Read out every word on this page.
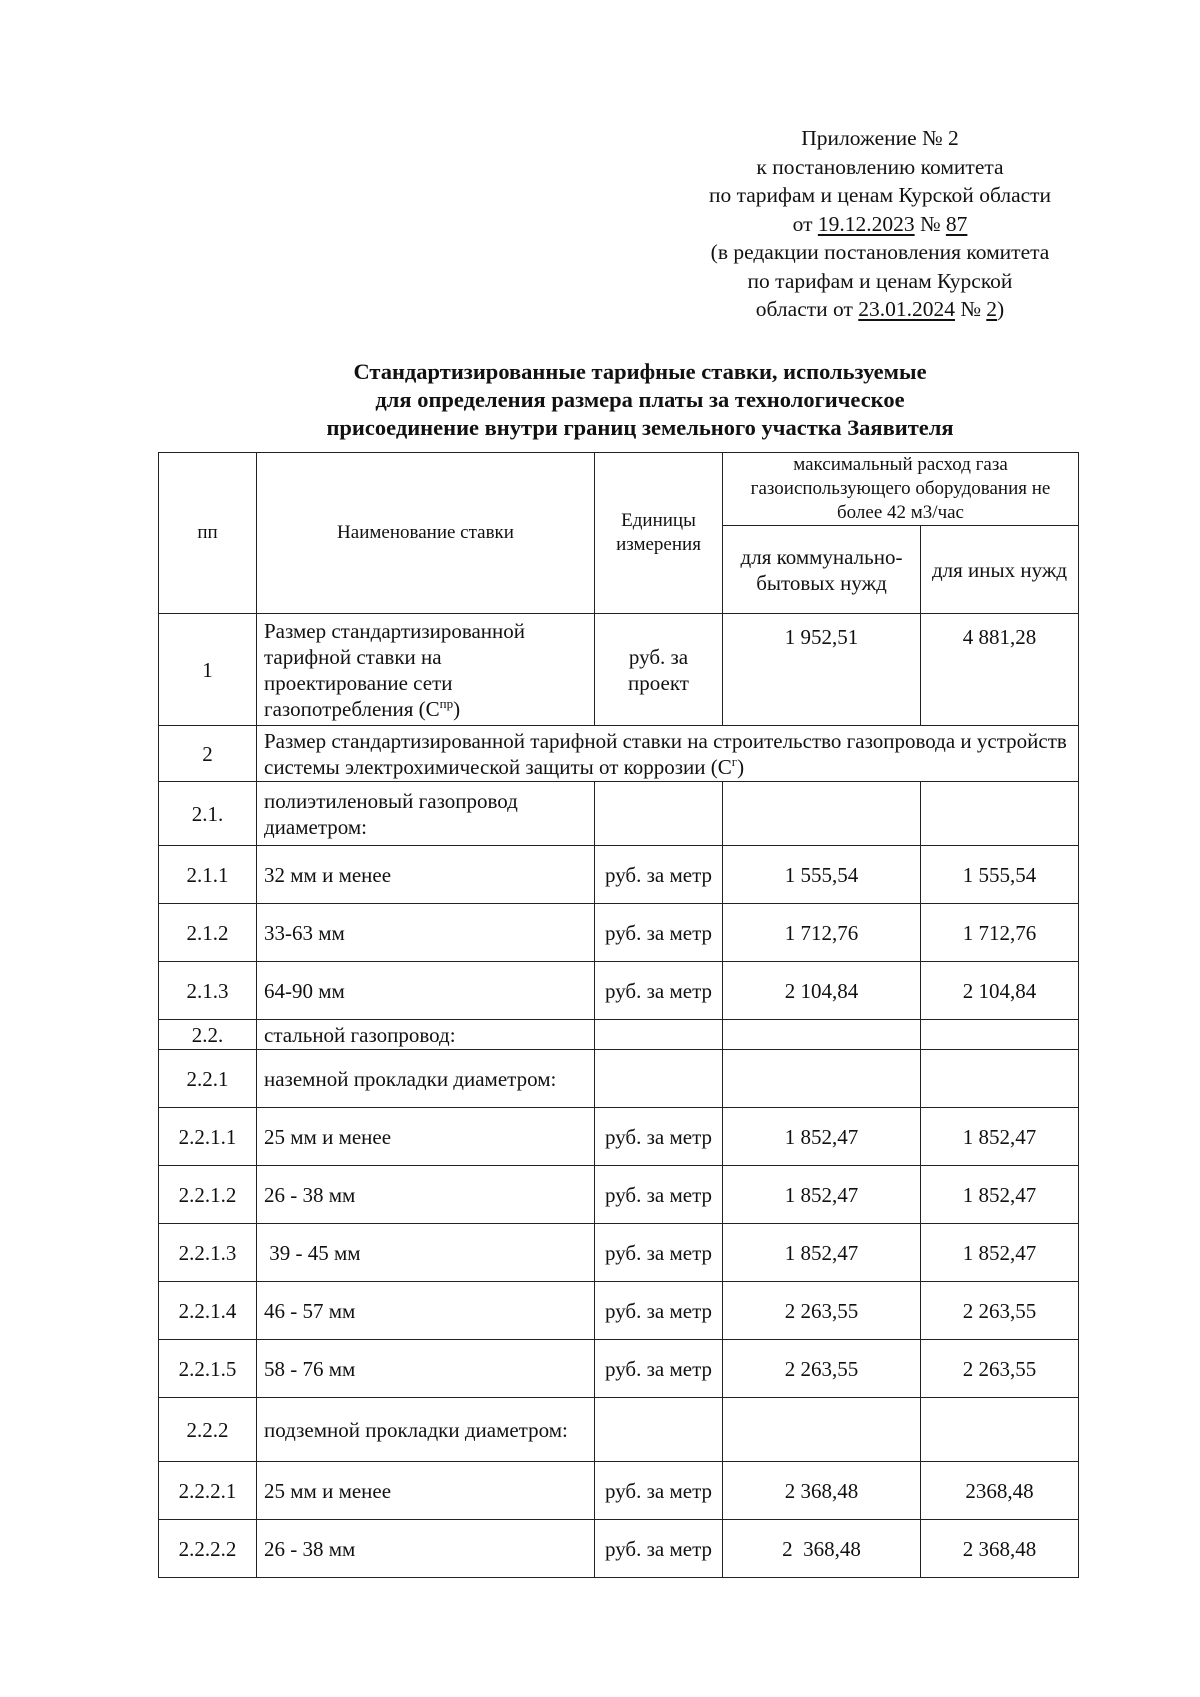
Приложение № 2
к постановлению комитета
по тарифам и ценам Курской области
от 19.12.2023 № 87
(в редакции постановления комитета
по тарифам и ценам Курской
области от 23.01.2024 № 2)
Стандартизированные тарифные ставки, используемые
для определения размера платы за технологическое
присоединение внутри границ земельного участка Заявителя
пп	Наименование ставки	Единицы измерения	максимальный расход газа газоиспользующего оборудования не более 42 м3/час	
			для коммунально-бытовых нужд	для иных нужд
1	Размер стандартизированной тарифной ставки на проектирование сети газопотребления $(С^{пр})$	руб. за проект	1 952,51	4 881,28
2	Размер стандартизированной тарифной ставки на строительство газопровода и устройств системы электрохимической защиты от коррозии $(С^г)$			
2.1.	полиэтиленовый газопровод диаметром:			
2.1.1	32 мм и менее	руб. за метр	1 555,54	1 555,54
2.1.2	33-63 мм	руб. за метр	1 712,76	1 712,76
2.1.3	64-90 мм	руб. за метр	2 104,84	2 104,84
2.2.	стальной газопровод:			
2.2.1	наземной прокладки диаметром:			
2.2.1.1	25 мм и менее	руб. за метр	1 852,47	1 852,47
2.2.1.2	26 - 38 мм	руб. за метр	1 852,47	1 852,47
2.2.1.3	39 - 45 мм	руб. за метр	1 852,47	1 852,47
2.2.1.4	46 - 57 мм	руб. за метр	2 263,55	2 263,55
2.2.1.5	58 - 76 мм	руб. за метр	2 263,55	2 263,55
2.2.2	подземной прокладки диаметром:			
2.2.2.1	25 мм и менее	руб. за метр	2 368,48	2368,48
2.2.2.2	26 - 38 мм	руб. за метр	2  368,48	2 368,48
